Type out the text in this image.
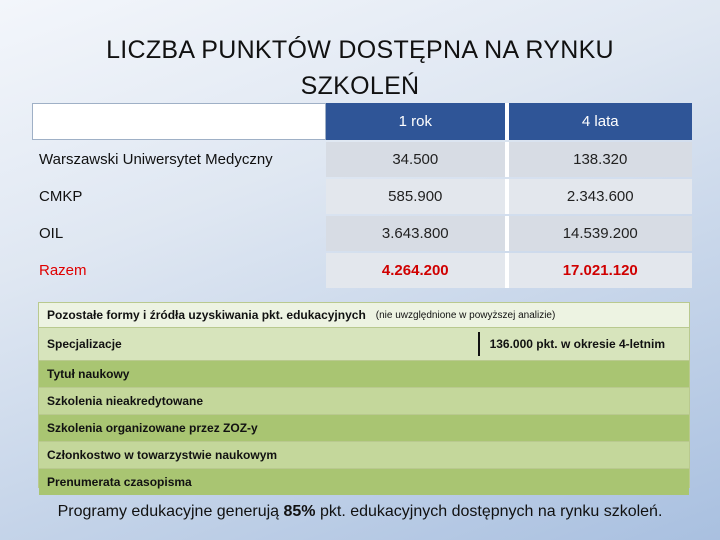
LICZBA PUNKTÓW DOSTĘPNA NA RYNKU
SZKOLEŃ
	1 rok	4 lata
Warszawski Uniwersytet Medyczny	34.500	138.320
CMKP	585.900	2.343.600
OIL	3.643.800	14.539.200
Razem	4.264.200	17.021.120
Pozostałe formy i źródła uzyskiwania pkt. edukacyjnych (nie uwzględnione w powyższej analizie)
Specjalizacje	136.000 pkt. w okresie 4-letnim
Tytuł naukowy
Szkolenia nieakredytowane
Szkolenia organizowane przez ZOZ-y
Członkostwo w towarzystwie naukowym
Prenumerata czasopisma
Programy edukacyjne generują 85% pkt. edukacyjnych dostępnych na rynku szkoleń.
